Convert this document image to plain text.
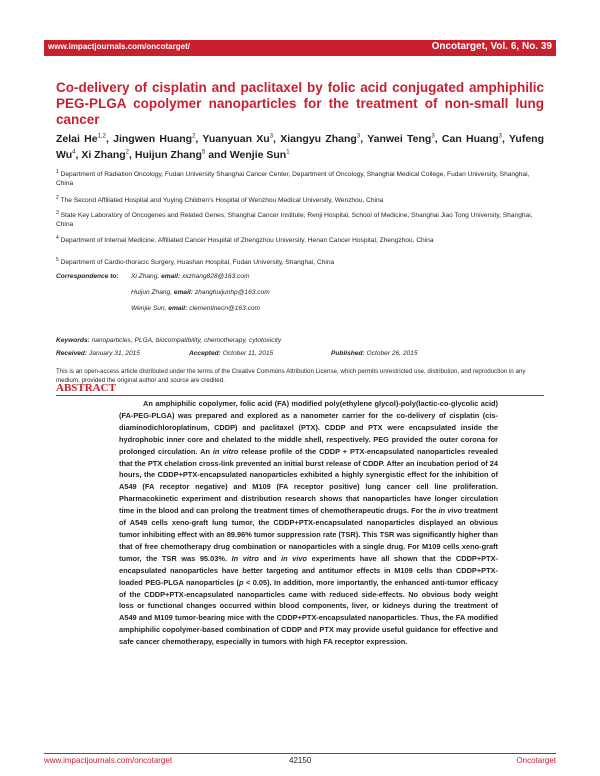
www.impactjournals.com/oncotarget/	Oncotarget, Vol. 6, No. 39
Co-delivery of cisplatin and paclitaxel by folic acid conjugated amphiphilic PEG-PLGA copolymer nanoparticles for the treatment of non-small lung cancer
Zelai He$^{1,2}$, Jingwen Huang$^2$, Yuanyuan Xu$^3$, Xiangyu Zhang$^3$, Yanwei Teng$^3$, Can Huang$^3$, Yufeng Wu$^4$, Xi Zhang$^2$, Huijun Zhang$^5$ and Wenjie Sun$^1$
$^1$ Department of Radiation Oncology, Fudan University Shanghai Cancer Center, Department of Oncology, Shanghai Medical College, Fudan University, Shanghai, China
$^2$ The Second Affiliated Hospital and Yuying Children's Hospital of Wenzhou Medical University, Wenzhou, China
$^3$ State Key Laboratory of Oncogenes and Related Genes, Shanghai Cancer Institute, Renji Hospital, School of Medicine, Shanghai Jiao Tong University, Shanghai, China
$^4$ Department of Internal Medicine, Affiliated Cancer Hospital of Zhengzhou University, Henan Cancer Hospital, Zhengzhou, China
$^5$ Department of Cardio-thoracic Surgery, Huashan Hospital, Fudan University, Shanghai, China
Correspondence to: Xi Zhang, email: xxzhang828@163.com
Huijun Zhang, email: zhanghuijunhp@163.com
Wenjie Sun, email: clementinecn@163.com
Keywords: nanoparticles, PLGA, biocompatibility, chemotherapy, cytotoxicity
Received: January 31, 2015	Accepted: October 11, 2015	Published: October 26, 2015
This is an open-access article distributed under the terms of the Creative Commons Attribution License, which permits unrestricted use, distribution, and reproduction in any medium, provided the original author and source are credited.
ABSTRACT

An amphiphilic copolymer, folic acid (FA) modified poly(ethylene glycol)-poly(lactic-co-glycolic acid) (FA-PEG-PLGA) was prepared and explored as a nanometer carrier for the co-delivery of cisplatin (cis-diaminodichloroplatinum, CDDP) and paclitaxel (PTX). CDDP and PTX were encapsulated inside the hydrophobic inner core and chelated to the middle shell, respectively. PEG provided the outer corona for prolonged circulation. An in vitro release profile of the CDDP + PTX-encapsulated nanoparticles revealed that the PTX chelation cross-link prevented an initial burst release of CDDP. After an incubation period of 24 hours, the CDDP+PTX-encapsulated nanoparticles exhibited a highly synergistic effect for the inhibition of A549 (FA receptor negative) and M109 (FA receptor positive) lung cancer cell line proliferation. Pharmacokinetic experiment and distribution research shows that nanoparticles have longer circulation time in the blood and can prolong the treatment times of chemotherapeutic drugs. For the in vivo treatment of A549 cells xeno-graft lung tumor, the CDDP+PTX-encapsulated nanoparticles displayed an obvious tumor inhibiting effect with an 89.96% tumor suppression rate (TSR). This TSR was significantly higher than that of free chemotherapy drug combination or nanoparticles with a single drug. For M109 cells xeno-graft tumor, the TSR was 95.03%. In vitro and in vivo experiments have all shown that the CDDP+PTX-encapsulated nanoparticles have better targeting and antitumor effects in M109 cells than CDDP+PTX-loaded PEG-PLGA nanoparticles (p < 0.05). In addition, more importantly, the enhanced anti-tumor efficacy of the CDDP+PTX-encapsulated nanoparticles came with reduced side-effects. No obvious body weight loss or functional changes occurred within blood components, liver, or kidneys during the treatment of A549 and M109 tumor-bearing mice with the CDDP+PTX-encapsulated nanoparticles. Thus, the FA modified amphiphilic copolymer-based combination of CDDP and PTX may provide useful guidance for effective and safe cancer chemotherapy, especially in tumors with high FA receptor expression.

www.impactjournals.com/oncotarget	42150	Oncotarget
